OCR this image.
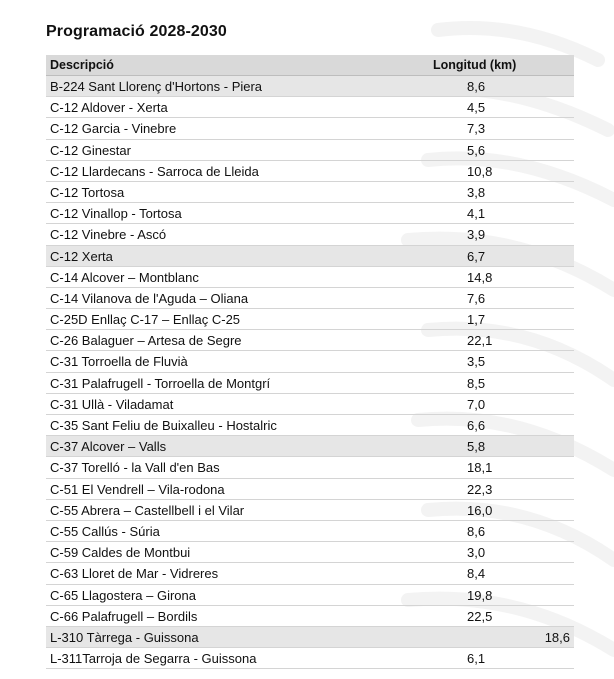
Programació 2028-2030
Descripció	Longitud (km)
B-224 Sant Llorenç d'Hortons - Piera	8,6
C-12 Aldover - Xerta	4,5
C-12 Garcia - Vinebre	7,3
C-12 Ginestar	5,6
C-12 Llardecans - Sarroca de Lleida	10,8
C-12 Tortosa	3,8
C-12 Vinallop - Tortosa	4,1
C-12 Vinebre - Ascó	3,9
C-12 Xerta	6,7
C-14 Alcover – Montblanc	14,8
C-14 Vilanova de l'Aguda – Oliana	7,6
C-25D Enllaç C-17 – Enllaç C-25	1,7
C-26 Balaguer – Artesa de Segre	22,1
C-31 Torroella de Fluvià	3,5
C-31 Palafrugell - Torroella de Montgrí	8,5
C-31 Ullà - Viladamat	7,0
C-35 Sant Feliu de Buixalleu - Hostalric	6,6
C-37 Alcover – Valls	5,8
C-37 Torelló - la Vall d'en Bas	18,1
C-51 El Vendrell – Vila-rodona	22,3
C-55 Abrera – Castellbell i el Vilar	16,0
C-55 Callús - Súria	8,6
C-59 Caldes de Montbui	3,0
C-63 Lloret de Mar - Vidreres	8,4
C-65 Llagostera – Girona	19,8
C-66 Palafrugell – Bordils	22,5
L-310 Tàrrega - Guissona	18,6
L-311Tarroja de Segarra - Guissona	6,1
